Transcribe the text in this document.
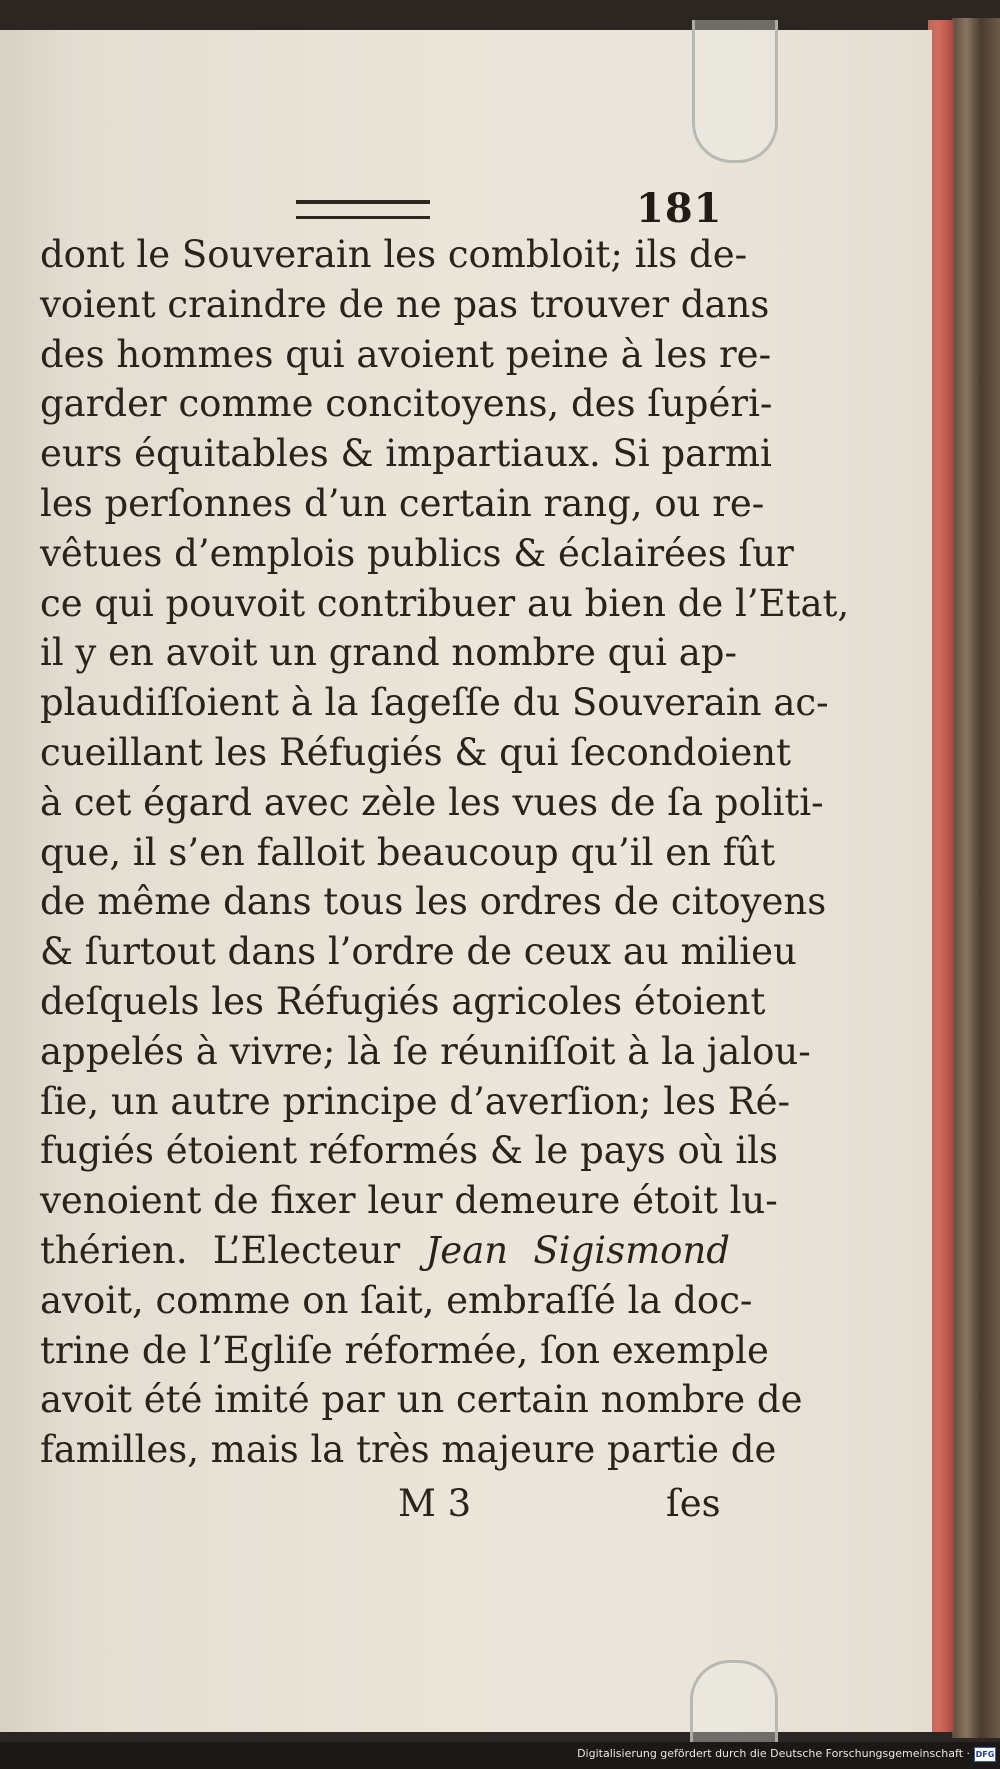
181
dont le Souverain les combloit; ils de-
voient craindre de ne pas trouver dans
des hommes qui avoient peine à les re-
garder comme concitoyens, des ſupéri-
eurs équitables & impartiaux. Si parmi
les perſonnes d’un certain rang, ou re-
vêtues d’emplois publics & éclairées ſur
ce qui pouvoit contribuer au bien de l’Etat,
il y en avoit un grand nombre qui ap-
plaudiſſoient à la ſageſſe du Souverain ac-
cueillant les Réfugiés & qui ſecondoient
à cet égard avec zèle les vues de ſa politi-
que, il s’en falloit beaucoup qu’il en fût
de même dans tous les ordres de citoyens
& ſurtout dans l’ordre de ceux au milieu
deſquels les Réfugiés agricoles étoient
appelés à vivre; là ſe réuniſſoit à la jalou-
ſie, un autre principe d’averſion; les Ré-
fugiés étoient réformés & le pays où ils
venoient de fixer leur demeure étoit lu-
thérien. L’Electeur Jean Sigismond
avoit, comme on ſait, embraſſé la doc-
trine de l’Egliſe réformée, ſon exemple
avoit été imité par un certain nombre de
familles, mais la très majeure partie de
M 3	ſes
Digitalisierung gefördert durch die Deutsche Forschungsgemeinschaft · DFG
